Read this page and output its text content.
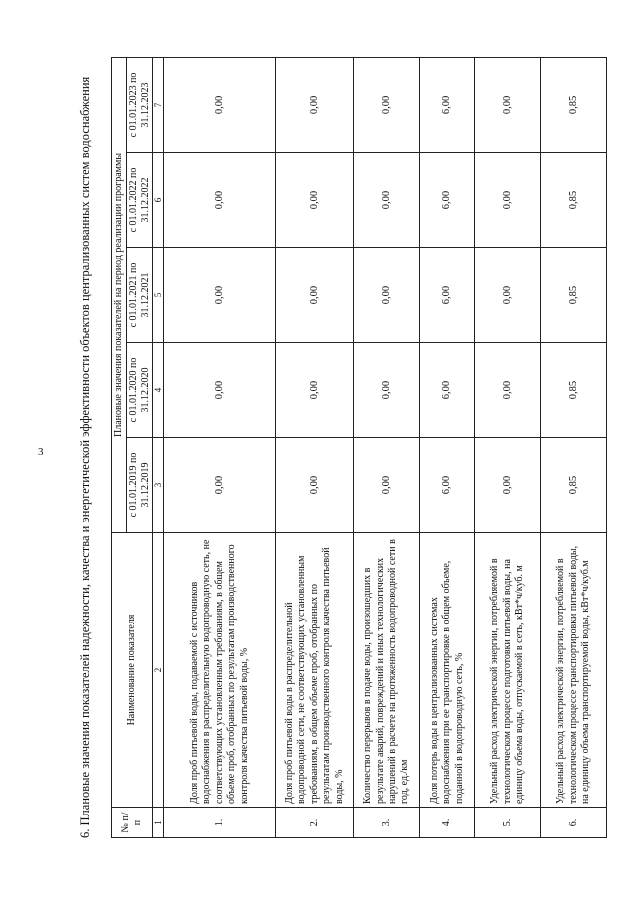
3	6. Плановые значения показателей надежности, качества и энергетической эффективности объектов централизованных систем водоснабжения	№ п/п	Наименование показателя	Плановые значения показателей на период реализации программы				
		с 01.01.2019 по 31.12.2019	с 01.01.2020 по 31.12.2020	с 01.01.2021 по 31.12.2021	с 01.01.2022 по 31.12.2022	с 01.01.2023 по 31.12.2023
1	2	3	4	5	6	7
1.	Доля проб питьевой воды, подаваемой с источников водоснабжения в распределительную водопроводную сеть, не соответствующих установленным требованиям, в общем объеме проб, отобранных по результатам производственного контроля качества питьевой воды, %	0,00	0,00	0,00	0,00	0,00
2.	Доля проб питьевой воды в распределительной водопроводной сети, не соответствующих установленным требованиям, в общем объеме проб, отобранных по результатам производственного контроля качества питьевой воды, %	0,00	0,00	0,00	0,00	0,00
3.	Количество перерывов в подаче воды, произошедших в результате аварий, повреждений и иных технологических нарушений в расчете на протяженность водопроводной сети в год, ед./км	0,00	0,00	0,00	0,00	0,00
4.	Доля потерь воды в централизованных системах водоснабжения при ее транспортировке в общем объеме, поданной в водопроводную сеть, %	6,00	6,00	6,00	6,00	6,00
5.	Удельный расход электрической энергии, потребляемой в технологическом процессе подготовки питьевой воды, на единицу объема воды, отпускаемой в сеть, кВт*ч/куб. м	0,00	0,00	0,00	0,00	0,00
6.	Удельный расход электрической энергии, потребляемой в технологическом процессе транспортировки питьевой воды, на единицу объема транспортируемой воды, кВт*ч/куб.м	0,85	0,85	0,85	0,85	0,85
